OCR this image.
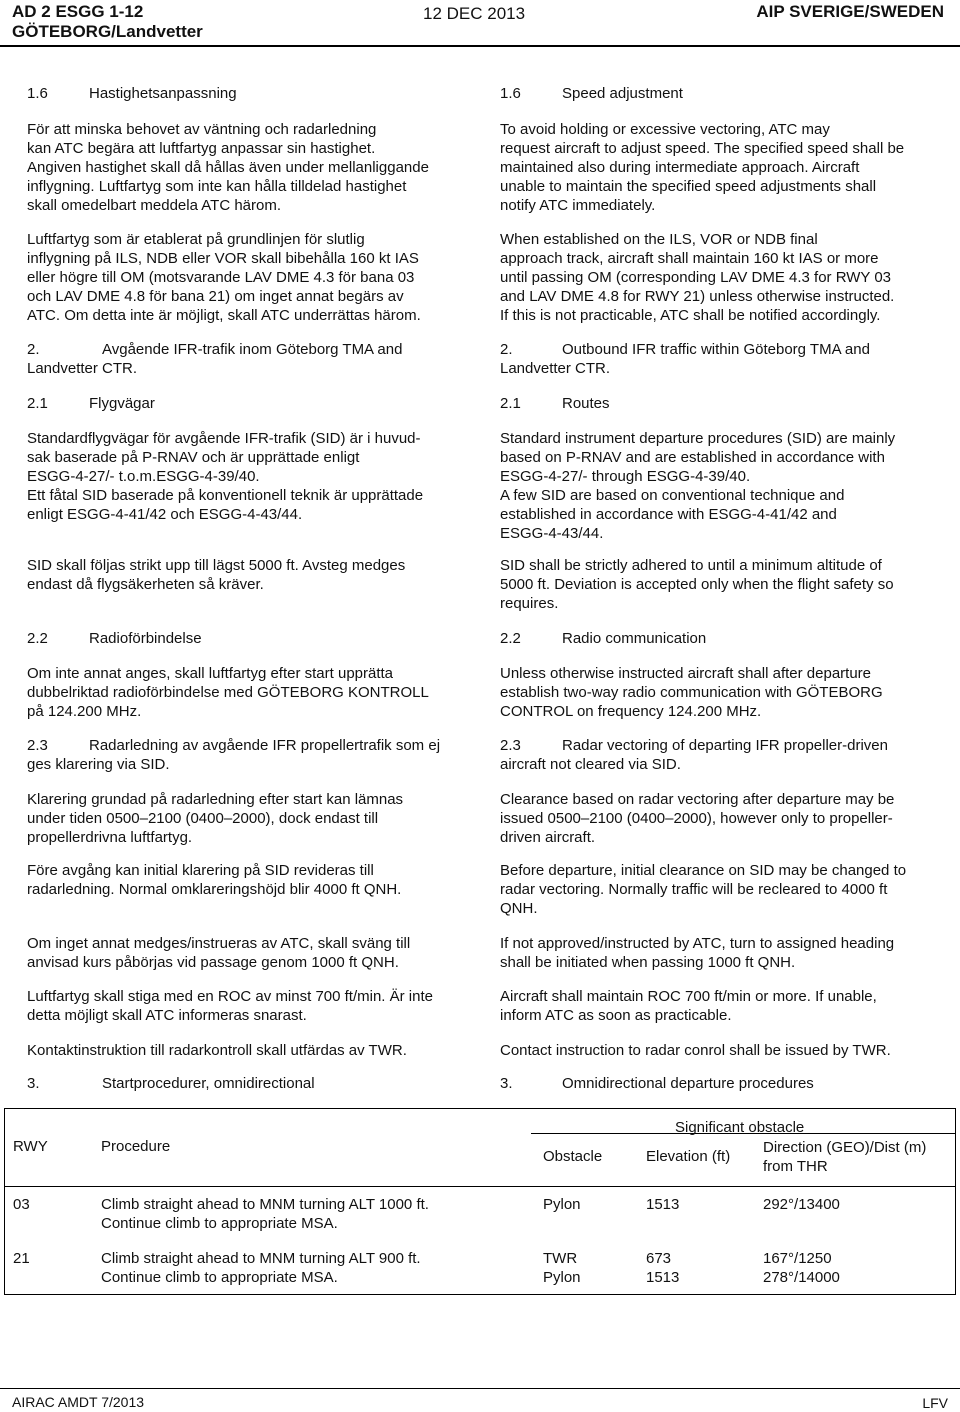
AD 2 ESGG 1-12
GÖTEBORG/Landvetter
12 DEC 2013	AIP SVERIGE/SWEDEN
1.6	Hastighetsanpassning

För att minska behovet av väntning och radarledning
kan ATC begära att luftfartyg anpassar sin hastighet.
Angiven hastighet skall då hållas även under mellanliggande
inflygning. Luftfartyg som inte kan hålla tilldelad hastighet
skall omedelbart meddela ATC härom.

Luftfartyg som är etablerat på grundlinjen för slutlig
inflygning på ILS, NDB eller VOR skall bibehålla 160 kt IAS
eller högre till OM (motsvarande LAV DME 4.3 för bana 03
och LAV DME 4.8 för bana 21) om inget annat begärs av
ATC. Om detta inte är möjligt, skall ATC underrättas härom.

2.	Avgående IFR-trafik inom Göteborg TMA and
Landvetter CTR.
2.1	Flygvägar

Standardflygvägar för avgående IFR-trafik (SID) är i huvud-
sak baserade på P-RNAV och är upprättade enligt
ESGG-4-27/- t.o.m.ESGG-4-39/40.
Ett fåtal SID baserade på konventionell teknik är upprättade
enligt ESGG-4-41/42 och ESGG-4-43/44.

SID skall följas strikt upp till lägst 5000 ft. Avsteg medges
endast då flygsäkerheten så kräver.

2.2	Radioförbindelse

Om inte annat anges, skall luftfartyg efter start upprätta
dubbelriktad radioförbindelse med GÖTEBORG KONTROLL
på 124.200 MHz.

2.3	Radarledning av avgående IFR propellertrafik som ej
ges klarering via SID.

Klarering grundad på radarledning efter start kan lämnas
under tiden 0500–2100 (0400–2000), dock endast till
propellerdrivna luftfartyg.

Före avgång kan initial klarering på SID revideras till
radarledning. Normal omklareringshöjd blir 4000 ft QNH.

Om inget annat medges/instrueras av ATC, skall sväng till
anvisad kurs påbörjas vid passage genom 1000 ft QNH.

Luftfartyg skall stiga med en ROC av minst 700 ft/min. Är inte
detta möjligt skall ATC informeras snarast.

Kontaktinstruktion till radarkontroll skall utfärdas av TWR.

3.	Startprocedurer, omnidirectional
1.6	Speed adjustment

To avoid holding or excessive vectoring, ATC may
request aircraft to adjust speed. The specified speed shall be
maintained also during intermediate approach. Aircraft
unable to maintain the specified speed adjustments shall
notify ATC immediately.

When established on the ILS, VOR or NDB final
approach track, aircraft shall maintain 160 kt IAS or more
until passing OM (corresponding LAV DME 4.3 for RWY 03
and LAV DME 4.8 for RWY 21) unless otherwise instructed.
If this is not practicable, ATC shall be notified accordingly.

2.	Outbound IFR traffic within Göteborg TMA and
Landvetter CTR.
2.1	Routes

Standard instrument departure procedures (SID) are mainly
based on P-RNAV and are established in accordance with
ESGG-4-27/- through ESGG-4-39/40.
A few SID are based on conventional technique and
established in accordance with ESGG-4-41/42 and
ESGG-4-43/44.

SID shall be strictly adhered to until a minimum altitude of
5000 ft. Deviation is accepted only when the flight safety so
requires.

2.2	Radio communication

Unless otherwise instructed aircraft shall after departure
establish two-way radio communication with GÖTEBORG
CONTROL on frequency 124.200 MHz.

2.3	Radar vectoring of departing IFR propeller-driven
aircraft not cleared via SID.

Clearance based on radar vectoring after departure may be
issued 0500–2100 (0400–2000), however only to propeller-
driven aircraft.

Before departure, initial clearance on SID may be changed to
radar vectoring. Normally traffic will be recleared to 4000 ft
QNH.

If not approved/instructed by ATC, turn to assigned heading
shall be initiated when passing 1000 ft QNH.

Aircraft shall maintain ROC 700 ft/min or more. If unable,
inform ATC as soon as practicable.

Contact instruction to radar conrol shall be issued by TWR.

3.	Omnidirectional departure procedures
RWY	Procedure
Significant obstacle
Obstacle	Elevation (ft)
Direction (GEO)/Dist (m)
from THR
03	Climb straight ahead to MNM turning ALT 1000 ft.
Continue climb to appropriate MSA.
Pylon	1513	292°/13400
21	Climb straight ahead to MNM turning ALT 900 ft.
Continue climb to appropriate MSA.
TWR	673	167°/1250
Pylon	1513	278°/14000
AIRAC AMDT 7/2013	LFV
